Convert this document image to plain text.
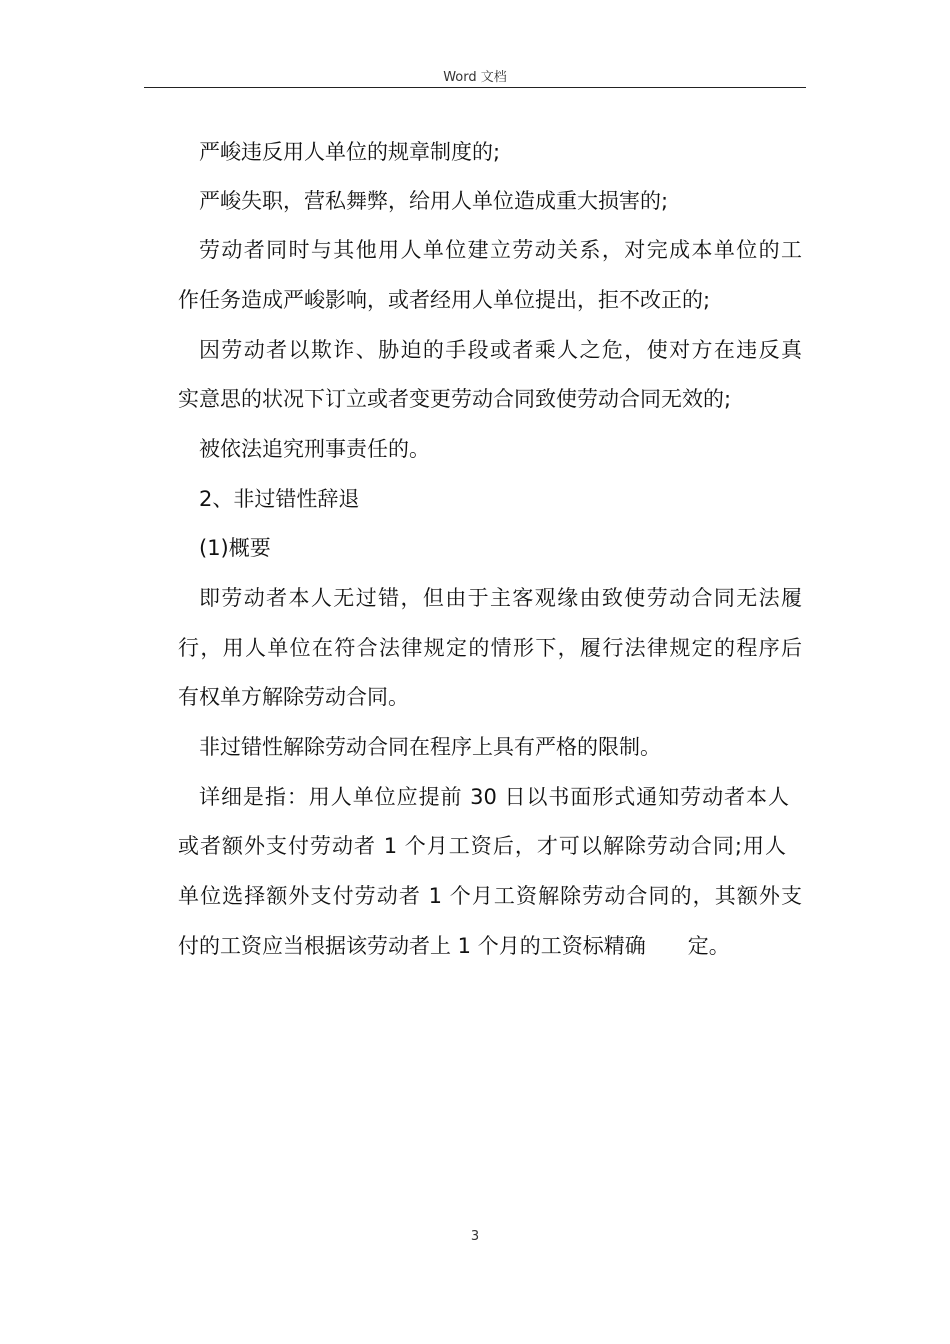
Word 文档
严峻违反用人单位的规章制度的;
严峻失职，营私舞弊，给用人单位造成重大损害的;
劳动者同时与其他用人单位建立劳动关系，对完成本单位的工
作任务造成严峻影响，或者经用人单位提出，拒不改正的;
因劳动者以欺诈、胁迫的手段或者乘人之危，使对方在违反真
实意思的状况下订立或者变更劳动合同致使劳动合同无效的;
被依法追究刑事责任的。
2、非过错性辞退
(1)概要
即劳动者本人无过错，但由于主客观缘由致使劳动合同无法履
行，用人单位在符合法律规定的情形下，履行法律规定的程序后
有权单方解除劳动合同。
非过错性解除劳动合同在程序上具有严格的限制。
详细是指：用人单位应提前 30 日以书面形式通知劳动者本人
或者额外支付劳动者 1 个月工资后，才可以解除劳动合同;用人
单位选择额外支付劳动者 1 个月工资解除劳动合同的，其额外支
付的工资应当根据该劳动者上 1 个月的工资标精确　　定。
3
